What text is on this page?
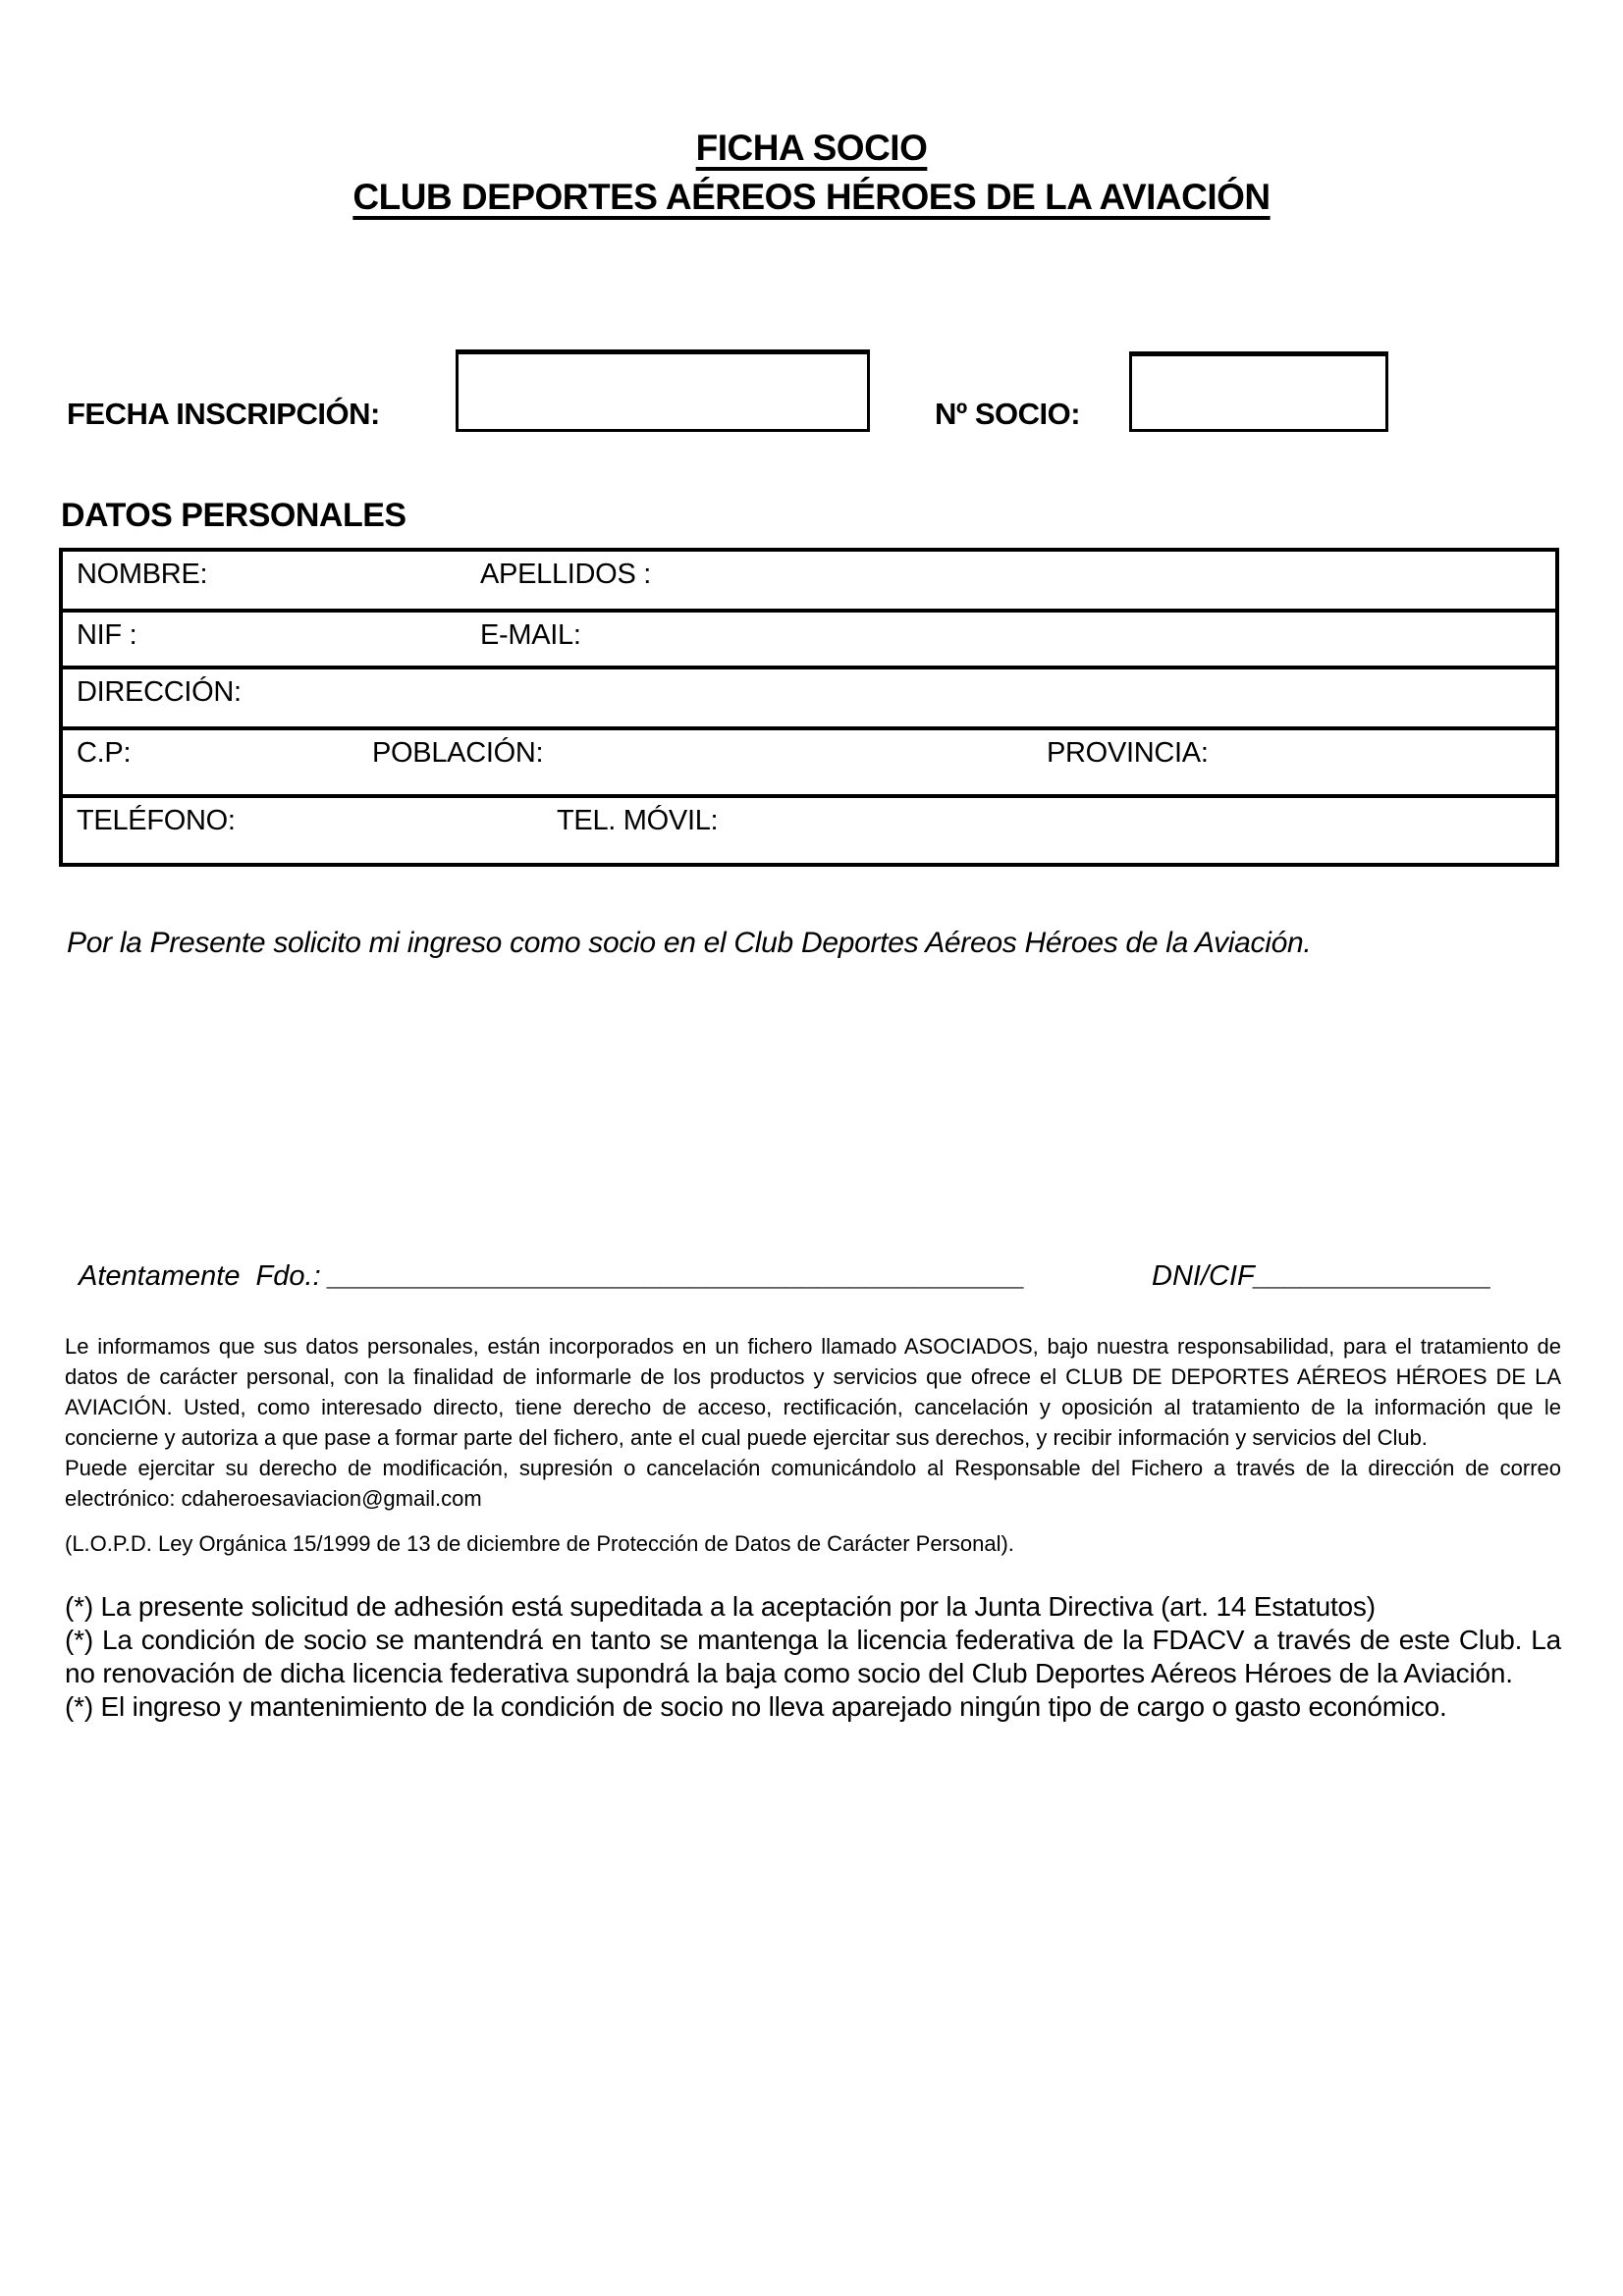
FICHA SOCIO
CLUB DEPORTES AÉREOS HÉROES DE LA AVIACIÓN
FECHA INSCRIPCIÓN:	Nº SOCIO:
DATOS PERSONALES
NOMBRE:	APELLIDOS :
NIF :	E-MAIL:
DIRECCIÓN:
C.P:	POBLACIÓN:	PROVINCIA:
TELÉFONO:	TEL. MÓVIL:
Por la Presente solicito mi ingreso como socio en el Club Deportes Aéreos Héroes de la Aviación.
Atentamente  Fdo.: ____________________________________________	DNI/CIF_______________

Le informamos que sus datos personales, están incorporados en un fichero llamado ASOCIADOS, bajo nuestra responsabilidad, para el tratamiento de datos de carácter personal, con la finalidad de informarle de los productos y servicios que ofrece el CLUB DE DEPORTES AÉREOS HÉROES DE LA AVIACIÓN. Usted, como interesado directo, tiene derecho de acceso, rectificación, cancelación y oposición al tratamiento de la información que le concierne y autoriza a que pase a formar parte del fichero, ante el cual puede ejercitar sus derechos, y recibir información y servicios del Club.

Puede ejercitar su derecho de modificación, supresión o cancelación comunicándolo al Responsable del Fichero a través de la dirección de correo electrónico: cdaheroesaviacion@gmail.com

(L.O.P.D. Ley Orgánica 15/1999 de 13 de diciembre de Protección de Datos de Carácter Personal).

(*) La presente solicitud de adhesión está supeditada a la aceptación por la Junta Directiva (art. 14 Estatutos)

(*) La condición de socio se mantendrá en tanto se mantenga la licencia federativa de la FDACV a través de este Club. La no renovación de dicha licencia federativa supondrá la baja como socio del Club Deportes Aéreos Héroes de la Aviación.

(*) El ingreso y mantenimiento de la condición de socio no lleva aparejado ningún tipo de cargo o gasto económico.
